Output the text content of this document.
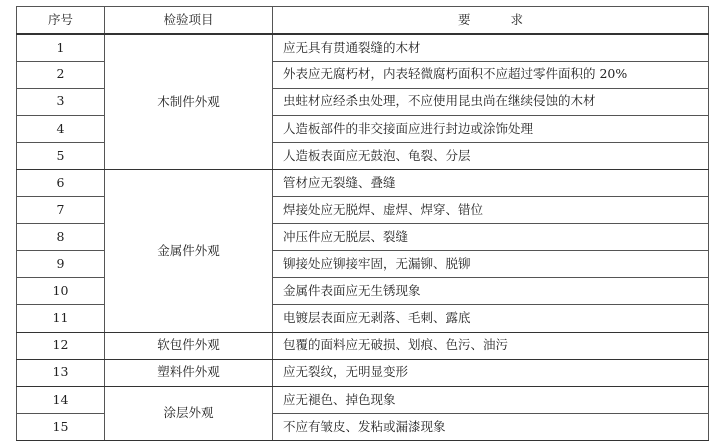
序号	检验项目	要 求
1	木制件外观	应无具有贯通裂缝的木材
2		外表应无腐朽材，内表轻微腐朽面积不应超过零件面积的 20%
3		虫蛀材应经杀虫处理，不应使用昆虫尚在继续侵蚀的木材
4		人造板部件的非交接面应进行封边或涂饰处理
5		人造板表面应无鼓泡、龟裂、分层
6	金属件外观	管材应无裂缝、叠缝
7		焊接处应无脱焊、虚焊、焊穿、错位
8		冲压件应无脱层、裂缝
9		铆接处应铆接牢固，无漏铆、脱铆
10		金属件表面应无生锈现象
11		电镀层表面应无剥落、毛刺、露底
12	软包件外观	包覆的面料应无破损、划痕、色污、油污
13	塑料件外观	应无裂纹，无明显变形
14	涂层外观	应无褪色、掉色现象
15		不应有皱皮、发粘或漏漆现象
